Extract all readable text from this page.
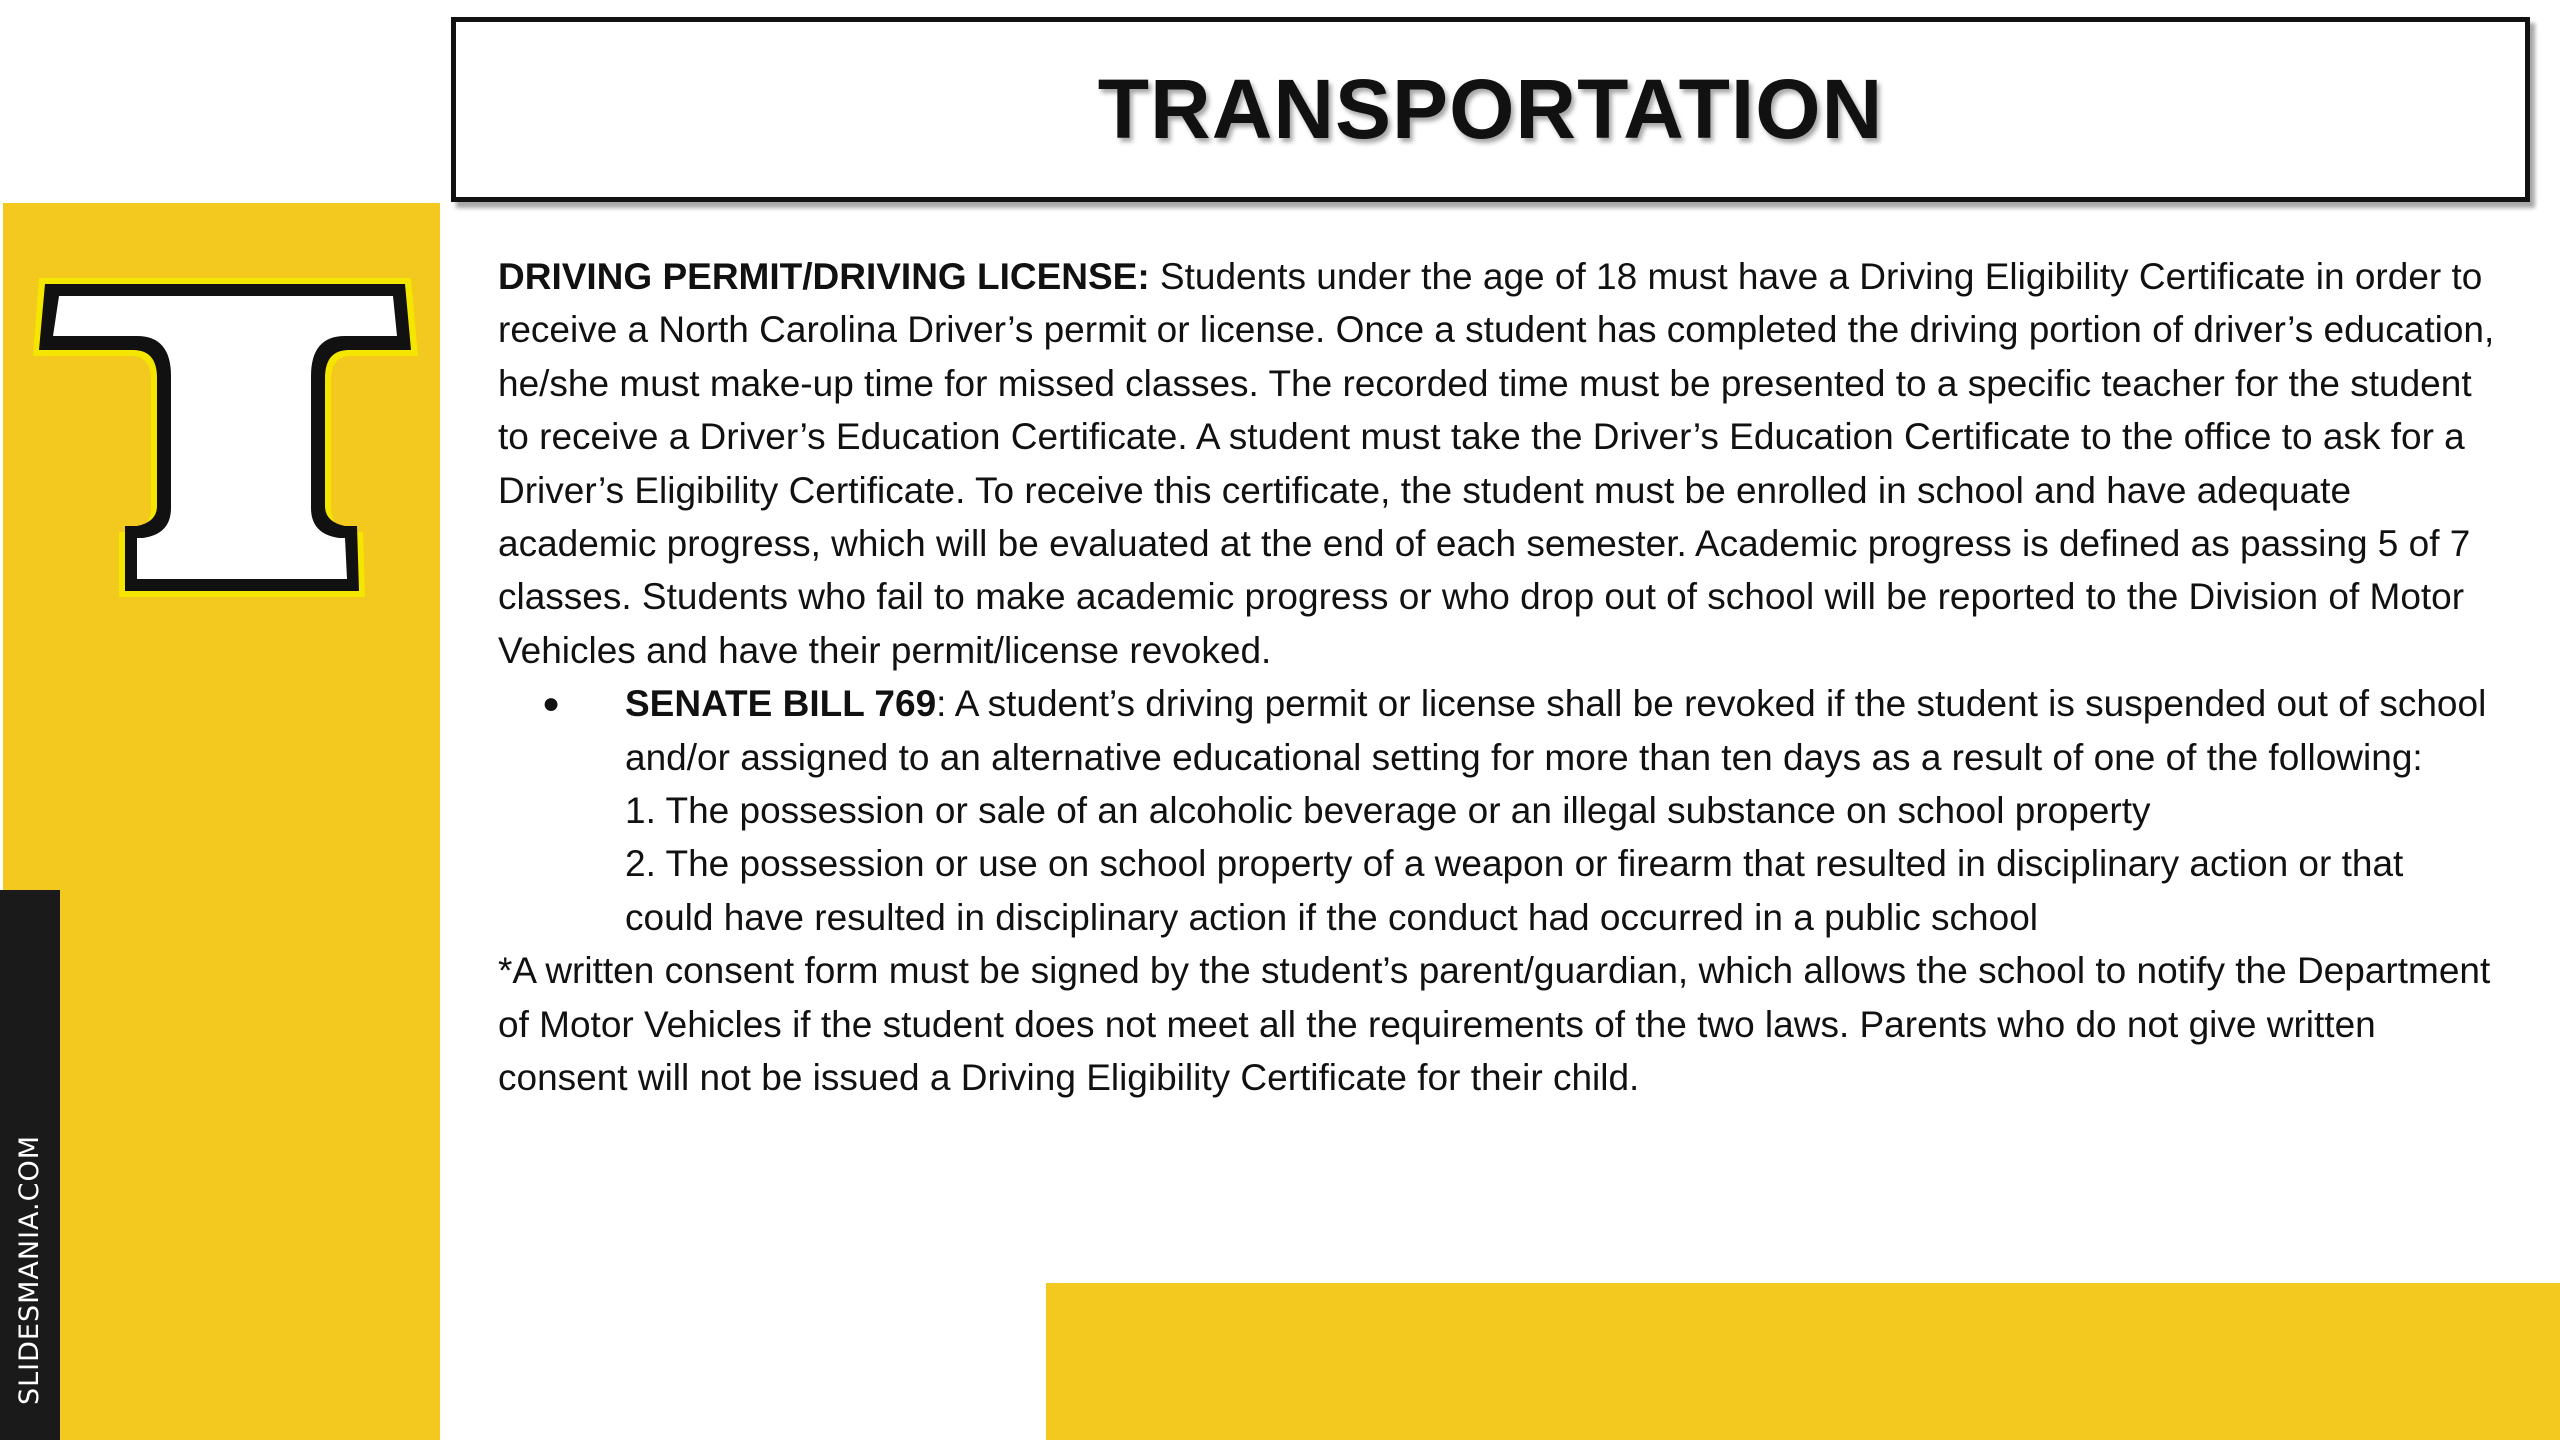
SLIDESMANIA.COM
TRANSPORTATION

DRIVING PERMIT/DRIVING LICENSE: Students under the age of 18 must have a Driving Eligibility Certificate in order to receive a North Carolina Driver’s permit or license. Once a student has completed the driving portion of driver’s education, he/she must make-up time for missed classes. The recorded time must be presented to a specific teacher for the student to receive a Driver’s Education Certificate. A student must take the Driver’s Education Certificate to the office to ask for a Driver’s Eligibility Certificate. To receive this certificate, the student must be enrolled in school and have adequate academic progress, which will be evaluated at the end of each semester. Academic progress is defined as passing 5 of 7 classes. Students who fail to make academic progress or who drop out of school will be reported to the Division of Motor Vehicles and have their permit/license revoked.

● SENATE BILL 769: A student’s driving permit or license shall be revoked if the student is suspended out of school and/or assigned to an alternative educational setting for more than ten days as a result of one of the following:

1. The possession or sale of an alcoholic beverage or an illegal substance on school property

2. The possession or use on school property of a weapon or firearm that resulted in disciplinary action or that could have resulted in disciplinary action if the conduct had occurred in a public school

*A written consent form must be signed by the student’s parent/guardian, which allows the school to notify the Department of Motor Vehicles if the student does not meet all the requirements of the two laws. Parents who do not give written consent will not be issued a Driving Eligibility Certificate for their child.
